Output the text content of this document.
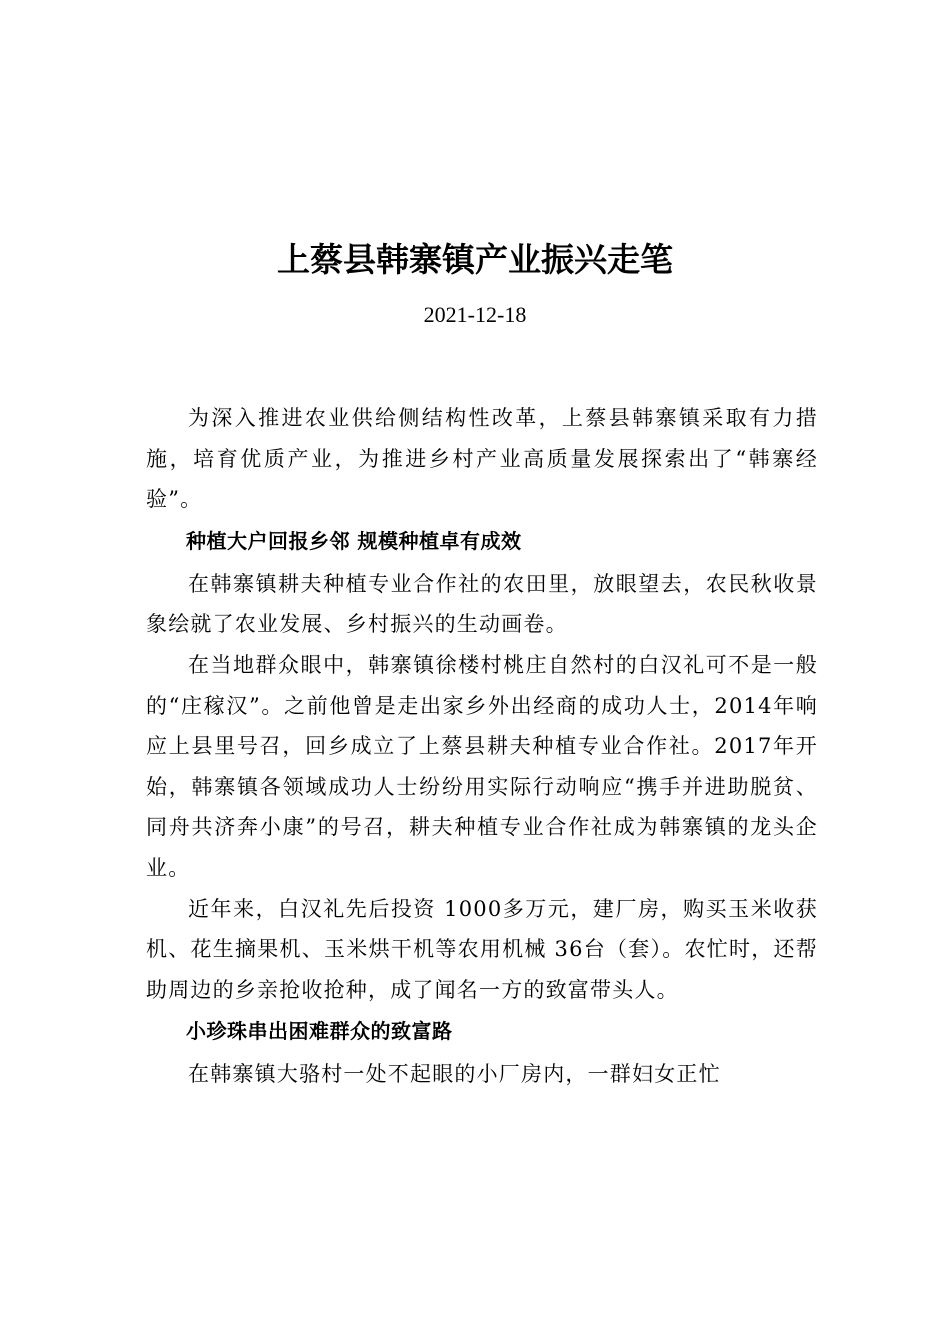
上蔡县韩寨镇产业振兴走笔
2021-12-18

为深入推进农业供给侧结构性改革，上蔡县韩寨镇采取有力措施，培育优质产业，为推进乡村产业高质量发展探索出了“韩寨经验”。

种植大户回报乡邻 规模种植卓有成效

在韩寨镇耕夫种植专业合作社的农田里，放眼望去，农民秋收景象绘就了农业发展、乡村振兴的生动画卷。

在当地群众眼中，韩寨镇徐楼村桃庄自然村的白汉礼可不是一般的“庄稼汉”。之前他曾是走出家乡外出经商的成功人士，2014年响应上县里号召，回乡成立了上蔡县耕夫种植专业合作社。2017年开始，韩寨镇各领域成功人士纷纷用实际行动响应“携手并进助脱贫、同舟共济奔小康”的号召，耕夫种植专业合作社成为韩寨镇的龙头企业。

近年来，白汉礼先后投资 1000多万元，建厂房，购买玉米收获机、花生摘果机、玉米烘干机等农用机械 36台（套）。农忙时，还帮助周边的乡亲抢收抢种，成了闻名一方的致富带头人。

小珍珠串出困难群众的致富路

在韩寨镇大骆村一处不起眼的小厂房内，一群妇女正忙
